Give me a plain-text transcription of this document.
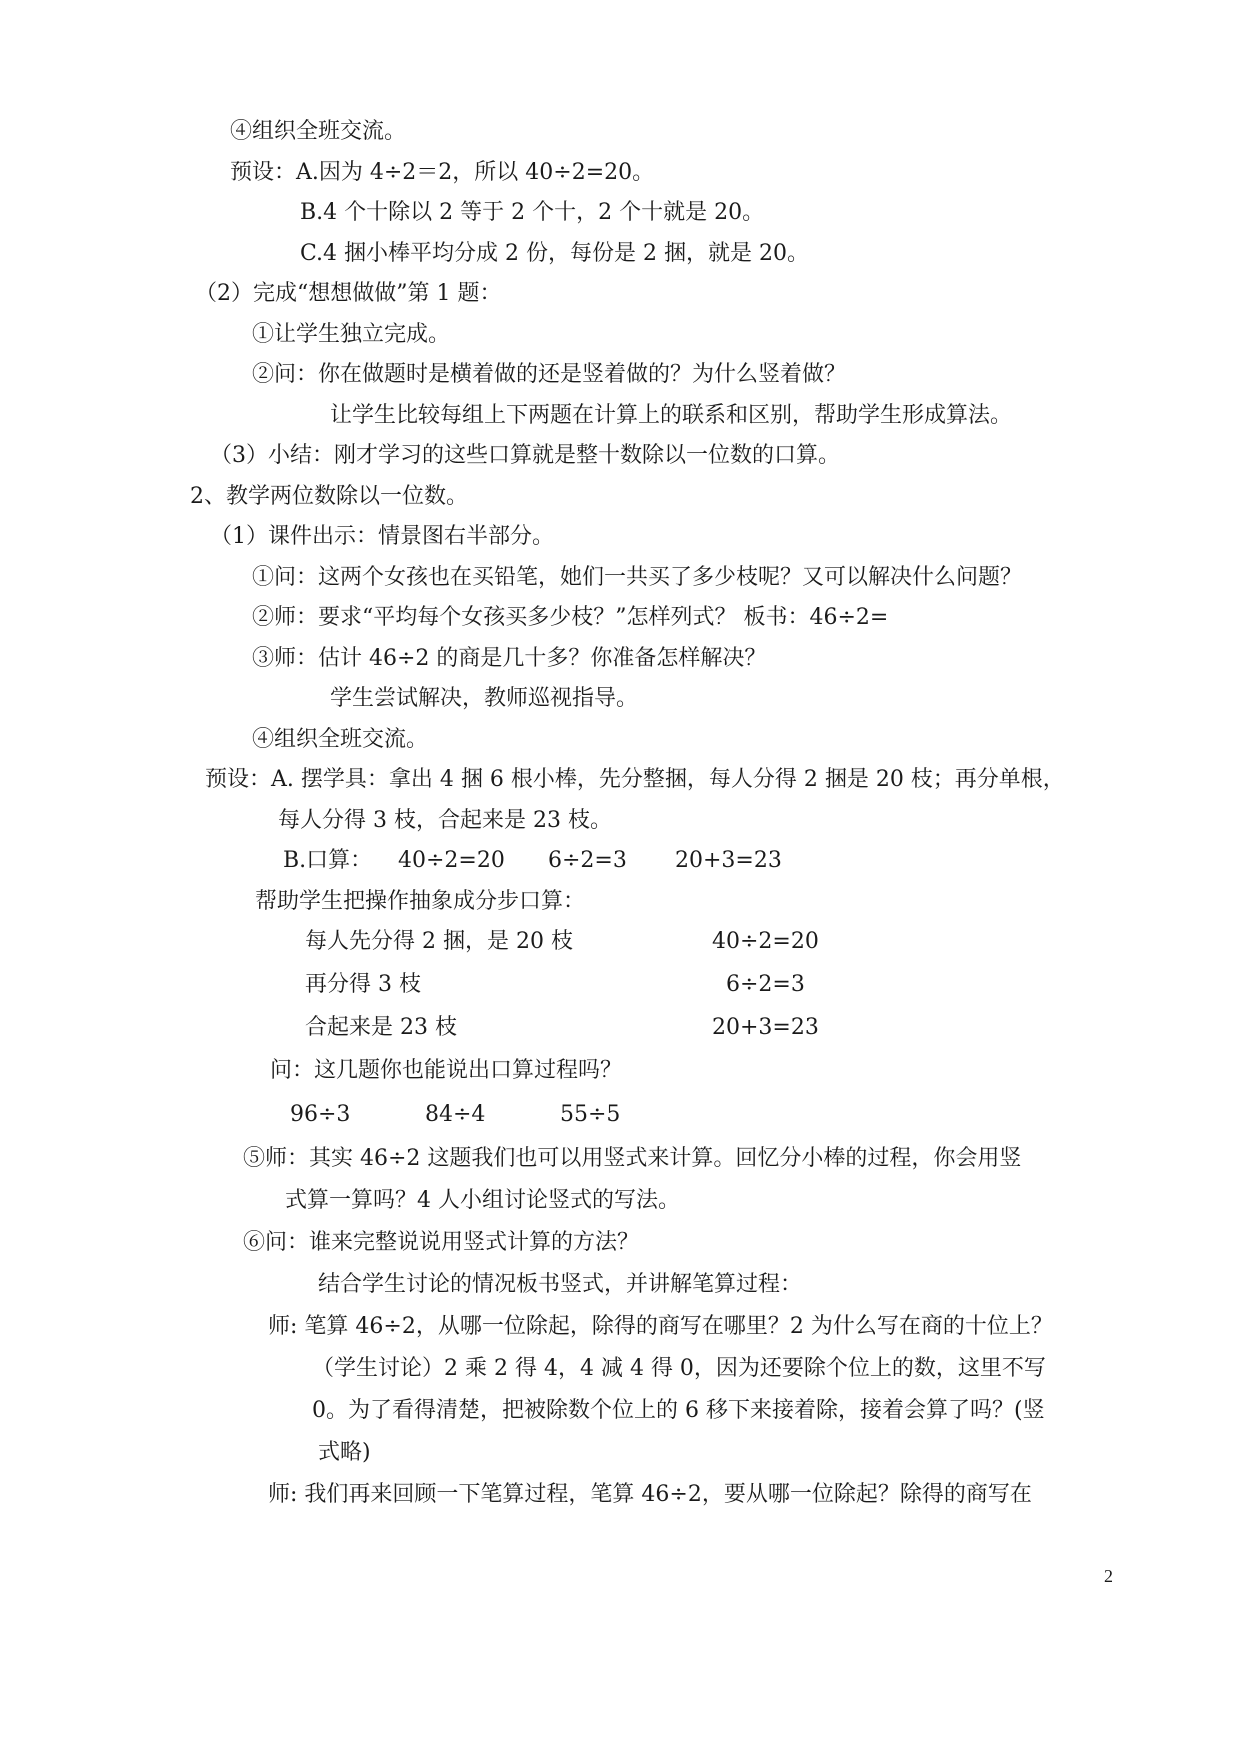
④组织全班交流。
预设：A.因为 4÷2＝2，所以 40÷2=20。
B.4 个十除以 2 等于 2 个十，2 个十就是 20。
C.4 捆小棒平均分成 2 份，每份是 2 捆，就是 20。
（2）完成“想想做做”第 1 题：
①让学生独立完成。
②问：你在做题时是横着做的还是竖着做的？为什么竖着做？
让学生比较每组上下两题在计算上的联系和区别，帮助学生形成算法。
（3）小结：刚才学习的这些口算就是整十数除以一位数的口算。
2、教学两位数除以一位数。
（1）课件出示：情景图右半部分。
①问：这两个女孩也在买铅笔，她们一共买了多少枝呢？又可以解决什么问题？
②师：要求“平均每个女孩买多少枝？”怎样列式？ 板书：46÷2=
③师：估计 46÷2 的商是几十多？你准备怎样解决？
学生尝试解决，教师巡视指导。
④组织全班交流。
预设：A. 摆学具：拿出 4 捆 6 根小棒，先分整捆，每人分得 2 捆是 20 枝；再分单根，
每人分得 3 枝，合起来是 23 枝。
B.口算： 40÷2=20 6÷2=3 20+3=23
帮助学生把操作抽象成分步口算：
每人先分得 2 捆，是 20 枝	40÷2=20
再分得 3 枝	6÷2=3
合起来是 23 枝	20+3=23
问：这几题你也能说出口算过程吗？
96÷3	84÷4	55÷5
⑤师：其实 46÷2 这题我们也可以用竖式来计算。回忆分小棒的过程，你会用竖
式算一算吗？4 人小组讨论竖式的写法。
⑥问：谁来完整说说用竖式计算的方法？
结合学生讨论的情况板书竖式，并讲解笔算过程：
师: 笔算 46÷2，从哪一位除起，除得的商写在哪里？2 为什么写在商的十位上？
（学生讨论）2 乘 2 得 4，4 减 4 得 0，因为还要除个位上的数，这里不写
0。为了看得清楚，把被除数个位上的 6 移下来接着除，接着会算了吗？(竖
式略)
师: 我们再来回顾一下笔算过程，笔算 46÷2，要从哪一位除起？除得的商写在
2
